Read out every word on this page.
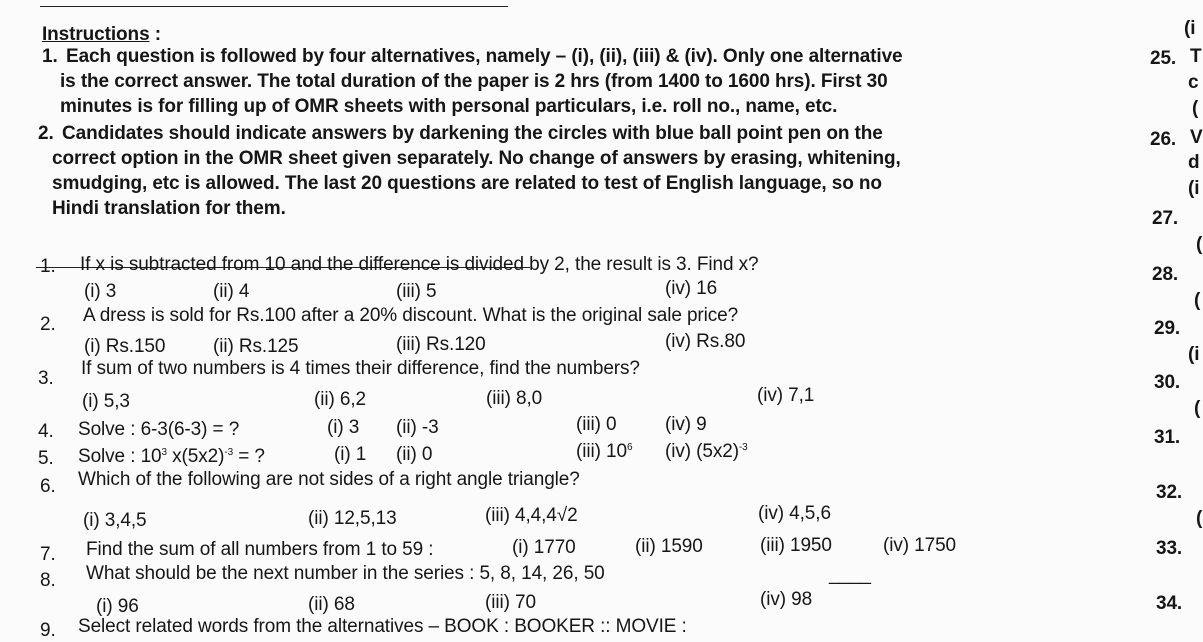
Instructions :
1. Each question is followed by four alternatives, namely – (i), (ii), (iii) & (iv). Only one alternative
is the correct answer. The total duration of the paper is 2 hrs (from 1400 to 1600 hrs). First 30
minutes is for filling up of OMR sheets with personal particulars, i.e. roll no., name, etc.
2. Candidates should indicate answers by darkening the circles with blue ball point pen on the
correct option in the OMR sheet given separately. No change of answers by erasing, whitening,
smudging, etc is allowed. The last 20 questions are related to test of English language, so no
Hindi translation for them.
1. If x is subtracted from 10 and the difference is divided by 2, the result is 3. Find x?
(i) 3	(ii) 4	(iii) 5	(iv) 16
2. A dress is sold for Rs.100 after a 20% discount. What is the original sale price?
(i) Rs.150	(ii) Rs.125	(iii) Rs.120	(iv) Rs.80
3. If sum of two numbers is 4 times their difference, find the numbers?
(i) 5,3	(ii) 6,2	(iii) 8,0	(iv) 7,1
4. Solve : 6-3(6-3) = ?	(i) 3 (ii) -3	(iii) 0	(iv) 9
5. Solve : $10^3$ $x(5x2)^{-3}$ = ?	(i) 1 (ii) 0	(iii) $10^6$ (iv) $(5x2)^{-3}$
6. Which of the following are not sides of a right angle triangle?
(i) 3,4,5	(ii) 12,5,13	(iii) 4,4,4√2	(iv) 4,5,6
7. Find the sum of all numbers from 1 to 59 :	(i) 1770	(ii) 1590	(iii) 1950	(iv) 1750
8. What should be the next number in the series : 5, 8, 14, 26, 50	____
(i) 96	(ii) 68	(iii) 70	(iv) 98
9. Select related words from the alternatives – BOOK : BOOKER :: MOVIE :
(i
25. T
c
(
26. V
d
(i
27.
(
28.
(
29.
(i
30.
(
31.
32.
(
33.
34.
